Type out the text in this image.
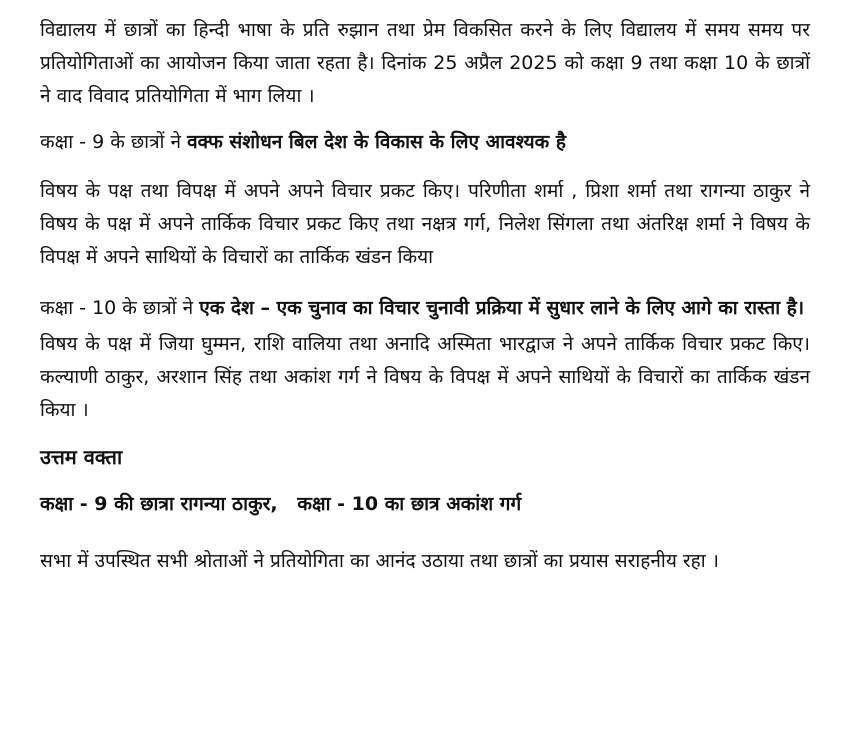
विद्यालय में छात्रों का हिन्दी भाषा के प्रति रुझान तथा प्रेम विकसित करने के लिए विद्यालय में समय समय पर प्रतियोगिताओं का आयोजन किया जाता रहता है। दिनांक 25 अप्रैल 2025 को कक्षा 9 तथा कक्षा 10 के छात्रों ने वाद विवाद प्रतियोगिता में भाग लिया ।

कक्षा - 9 के छात्रों ने वक्फ संशोधन बिल देश के विकास के लिए आवश्यक है

विषय के पक्ष तथा विपक्ष में अपने अपने विचार प्रकट किए। परिणीता शर्मा , प्रिशा शर्मा तथा रागन्या ठाकुर ने विषय के पक्ष में अपने तार्किक विचार प्रकट किए तथा नक्षत्र गर्ग, निलेश सिंगला तथा अंतरिक्ष शर्मा ने विषय के विपक्ष में अपने साथियों के विचारों का तार्किक खंडन किया

कक्षा - 10 के छात्रों ने एक देश – एक चुनाव का विचार चुनावी प्रक्रिया में सुधार लाने के लिए आगे का रास्ता है।

विषय के पक्ष में जिया घुम्मन, राशि वालिया तथा अनादि अस्मिता भारद्वाज ने अपने तार्किक विचार प्रकट किए। कल्याणी ठाकुर, अरशान सिंह तथा अकांश गर्ग ने विषय के विपक्ष में अपने साथियों के विचारों का तार्किक खंडन किया ।

उत्तम वक्ता

कक्षा - 9 की छात्रा रागन्या ठाकुर,   कक्षा - 10 का छात्र अकांश गर्ग

सभा में उपस्थित सभी श्रोताओं ने प्रतियोगिता का आनंद उठाया तथा छात्रों का प्रयास सराहनीय रहा ।
